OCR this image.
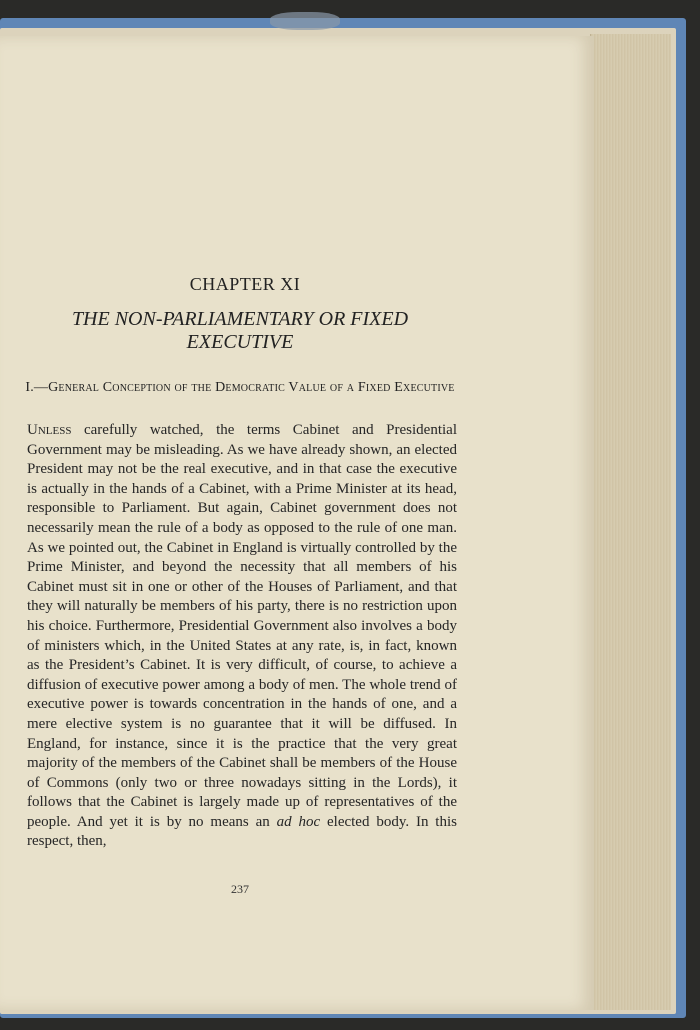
CHAPTER XI
THE NON-PARLIAMENTARY OR FIXED EXECUTIVE
I.—General Conception of the Democratic Value of a Fixed Executive

Unless carefully watched, the terms Cabinet and Presidential Government may be misleading. As we have already shown, an elected President may not be the real executive, and in that case the executive is actually in the hands of a Cabinet, with a Prime Minister at its head, responsible to Parliament. But again, Cabinet government does not necessarily mean the rule of a body as opposed to the rule of one man. As we pointed out, the Cabinet in England is virtually controlled by the Prime Minister, and beyond the necessity that all members of his Cabinet must sit in one or other of the Houses of Parliament, and that they will naturally be members of his party, there is no restriction upon his choice. Furthermore, Presidential Government also involves a body of ministers which, in the United States at any rate, is, in fact, known as the President’s Cabinet. It is very difficult, of course, to achieve a diffusion of executive power among a body of men. The whole trend of executive power is towards concentration in the hands of one, and a mere elective system is no guarantee that it will be diffused. In England, for instance, since it is the practice that the very great majority of the members of the Cabinet shall be members of the House of Commons (only two or three nowadays sitting in the Lords), it follows that the Cabinet is largely made up of representatives of the people. And yet it is by no means an ad hoc elected body. In this respect, then,

237
